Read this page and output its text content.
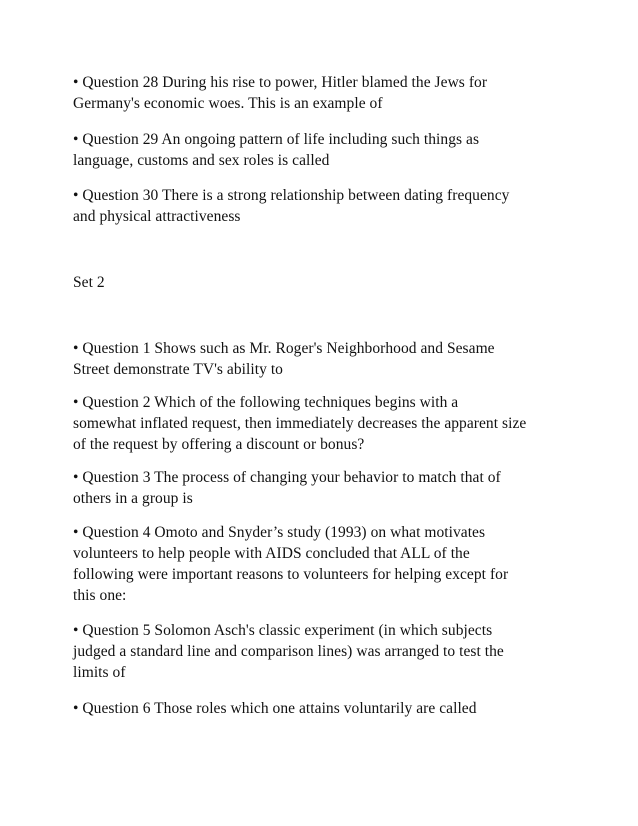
• Question 28 During his rise to power, Hitler blamed the Jews for
Germany's economic woes. This is an example of
• Question 29 An ongoing pattern of life including such things as
language, customs and sex roles is called
• Question 30 There is a strong relationship between dating frequency
and physical attractiveness
Set 2
• Question 1 Shows such as Mr. Roger's Neighborhood and Sesame
Street demonstrate TV's ability to
• Question 2 Which of the following techniques begins with a
somewhat inflated request, then immediately decreases the apparent size
of the request by offering a discount or bonus?
• Question 3 The process of changing your behavior to match that of
others in a group is
• Question 4 Omoto and Snyder’s study (1993) on what motivates
volunteers to help people with AIDS concluded that ALL of the
following were important reasons to volunteers for helping except for
this one:
• Question 5 Solomon Asch's classic experiment (in which subjects
judged a standard line and comparison lines) was arranged to test the
limits of
• Question 6 Those roles which one attains voluntarily are called
